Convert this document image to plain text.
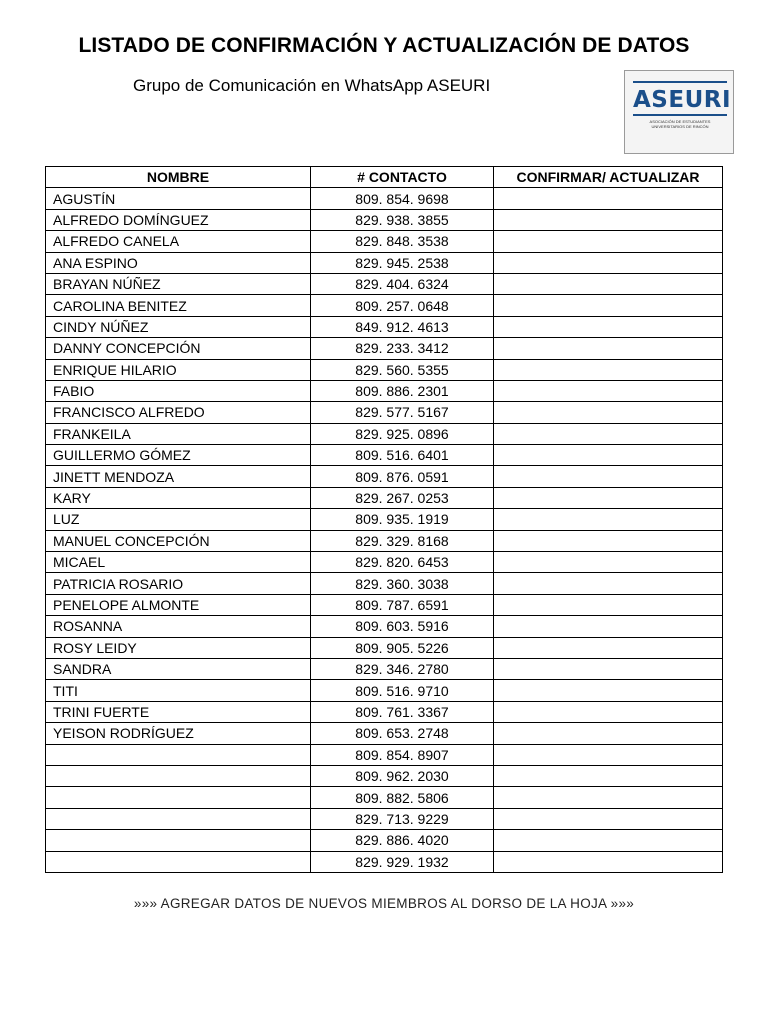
LISTADO DE CONFIRMACIÓN Y ACTUALIZACIÓN DE DATOS
Grupo de Comunicación en WhatsApp ASEURI
ASEURI
ASOCIACIÓN DE ESTUDIANTES UNIVERSITARIOS DE RINCÓN
NOMBRE	# CONTACTO	CONFIRMAR/ ACTUALIZAR
AGUSTÍN	809. 854. 9698	
ALFREDO DOMÍNGUEZ	829. 938. 3855	
ALFREDO CANELA	829. 848. 3538	
ANA ESPINO	829. 945. 2538	
BRAYAN NÚÑEZ	829. 404. 6324	
CAROLINA BENITEZ	809. 257. 0648	
CINDY NÚÑEZ	849. 912. 4613	
DANNY CONCEPCIÓN	829. 233. 3412	
ENRIQUE HILARIO	829. 560. 5355	
FABIO	809. 886. 2301	
FRANCISCO ALFREDO	829. 577. 5167	
FRANKEILA	829. 925. 0896	
GUILLERMO GÓMEZ	809. 516. 6401	
JINETT MENDOZA	809. 876. 0591	
KARY	829. 267. 0253	
LUZ	809. 935. 1919	
MANUEL CONCEPCIÓN	829. 329. 8168	
MICAEL	829. 820. 6453	
PATRICIA ROSARIO	829. 360. 3038	
PENELOPE ALMONTE	809. 787. 6591	
ROSANNA	809. 603. 5916	
ROSY LEIDY	809. 905. 5226	
SANDRA	829. 346. 2780	
TITI	809. 516. 9710	
TRINI FUERTE	809. 761. 3367	
YEISON RODRÍGUEZ	809. 653. 2748	
	809. 854. 8907	
	809. 962. 2030	
	809. 882. 5806	
	829. 713. 9229	
	829. 886. 4020	
	829. 929. 1932	
»»» AGREGAR DATOS DE NUEVOS MIEMBROS AL DORSO DE LA HOJA »»»
